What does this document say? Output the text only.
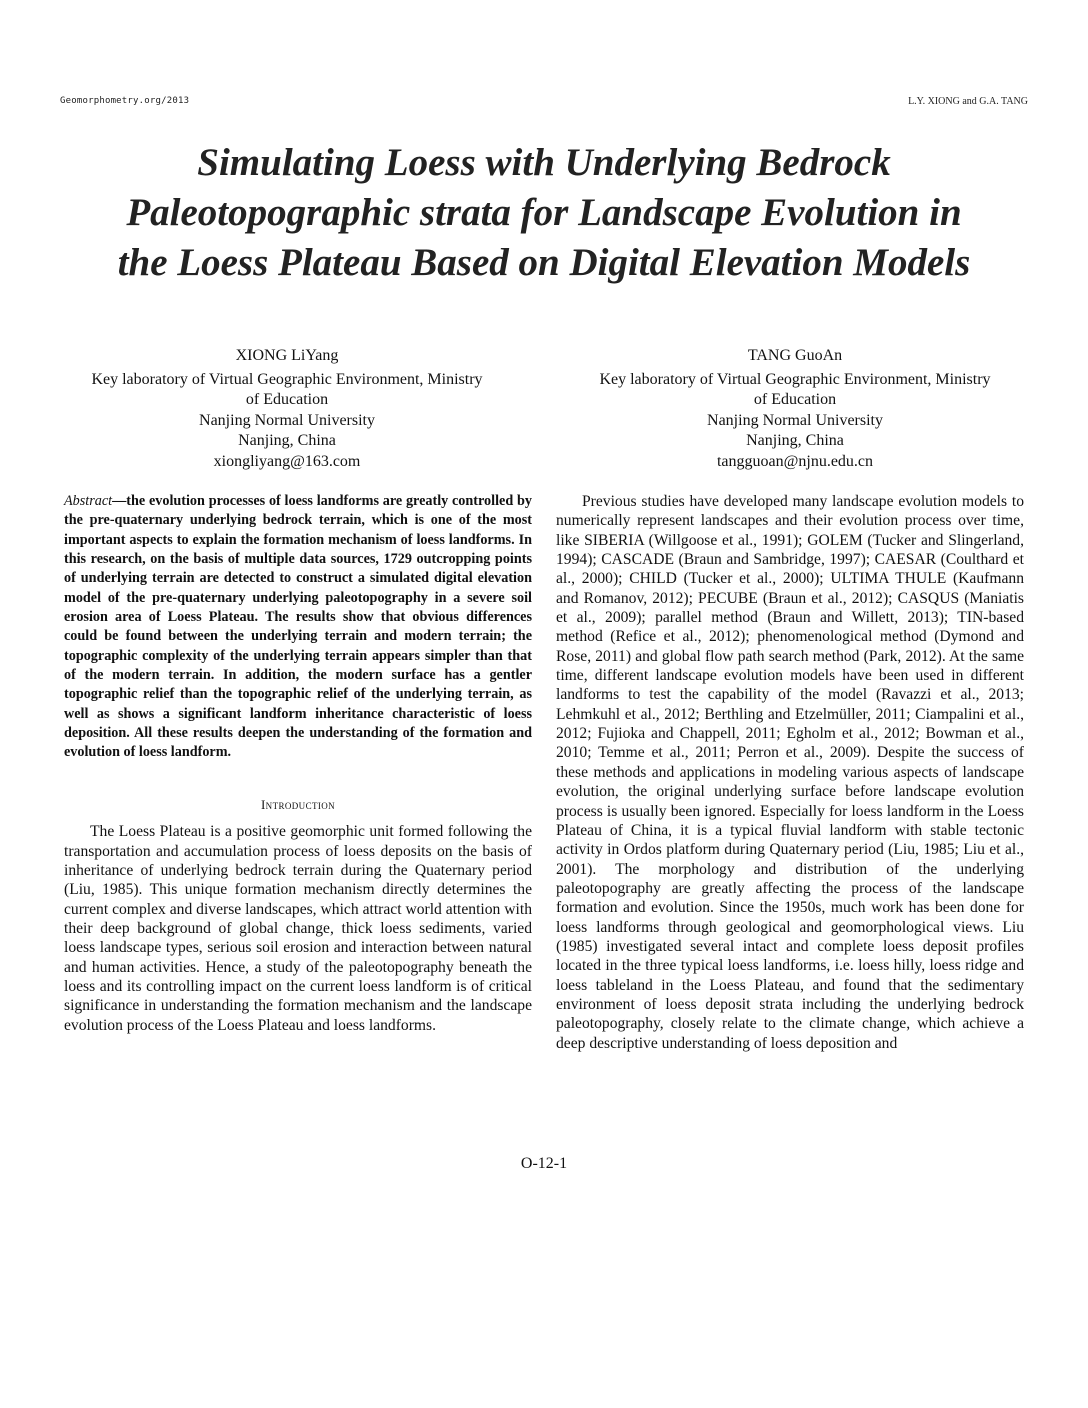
Geomorphometry.org/2013	L.Y. XIONG and G.A. TANG
Simulating Loess with Underlying Bedrock
Paleotopographic strata for Landscape Evolution in
the Loess Plateau Based on Digital Elevation Models
XIONG LiYang
Key laboratory of Virtual Geographic Environment, Ministry
of Education
Nanjing Normal University
Nanjing, China
xiongliyang@163.com
TANG GuoAn
Key laboratory of Virtual Geographic Environment, Ministry
of Education
Nanjing Normal University
Nanjing, China
tangguoan@njnu.edu.cn

Abstract—the evolution processes of loess landforms are greatly controlled by the pre-quaternary underlying bedrock terrain, which is one of the most important aspects to explain the formation mechanism of loess landforms. In this research, on the basis of multiple data sources, 1729 outcropping points of underlying terrain are detected to construct a simulated digital elevation model of the pre-quaternary underlying paleotopography in a severe soil erosion area of Loess Plateau. The results show that obvious differences could be found between the underlying terrain and modern terrain; the topographic complexity of the underlying terrain appears simpler than that of the modern terrain. In addition, the modern surface has a gentler topographic relief than the topographic relief of the underlying terrain, as well as shows a significant landform inheritance characteristic of loess deposition. All these results deepen the understanding of the formation and evolution of loess landform.

Introduction

The Loess Plateau is a positive geomorphic unit formed following the transportation and accumulation process of loess deposits on the basis of inheritance of underlying bedrock terrain during the Quaternary period (Liu, 1985). This unique formation mechanism directly determines the current complex and diverse landscapes, which attract world attention with their deep background of global change, thick loess sediments, varied loess landscape types, serious soil erosion and interaction between natural and human activities. Hence, a study of the paleotopography beneath the loess and its controlling impact on the current loess landform is of critical significance in understanding the formation mechanism and the landscape evolution process of the Loess Plateau and loess landforms.

Previous studies have developed many landscape evolution models to numerically represent landscapes and their evolution process over time, like SIBERIA (Willgoose et al., 1991); GOLEM (Tucker and Slingerland, 1994); CASCADE (Braun and Sambridge, 1997); CAESAR (Coulthard et al., 2000); CHILD (Tucker et al., 2000); ULTIMA THULE (Kaufmann and Romanov, 2012); PECUBE (Braun et al., 2012); CASQUS (Maniatis et al., 2009); parallel method (Braun and Willett, 2013); TIN-based method (Refice et al., 2012); phenomenological method (Dymond and Rose, 2011) and global flow path search method (Park, 2012). At the same time, different landscape evolution models have been used in different landforms to test the capability of the model (Ravazzi et al., 2013; Lehmkuhl et al., 2012; Berthling and Etzelmüller, 2011; Ciampalini et al., 2012; Fujioka and Chappell, 2011; Egholm et al., 2012; Bowman et al., 2010; Temme et al., 2011; Perron et al., 2009). Despite the success of these methods and applications in modeling various aspects of landscape evolution, the original underlying surface before landscape evolution process is usually been ignored. Especially for loess landform in the Loess Plateau of China, it is a typical fluvial landform with stable tectonic activity in Ordos platform during Quaternary period (Liu, 1985; Liu et al., 2001). The morphology and distribution of the underlying paleotopography are greatly affecting the process of the landscape formation and evolution. Since the 1950s, much work has been done for loess landforms through geological and geomorphological views. Liu (1985) investigated several intact and complete loess deposit profiles located in the three typical loess landforms, i.e. loess hilly, loess ridge and loess tableland in the Loess Plateau, and found that the sedimentary environment of loess deposit strata including the underlying bedrock paleotopography, closely relate to the climate change, which achieve a deep descriptive understanding of loess deposition and

O-12-1
